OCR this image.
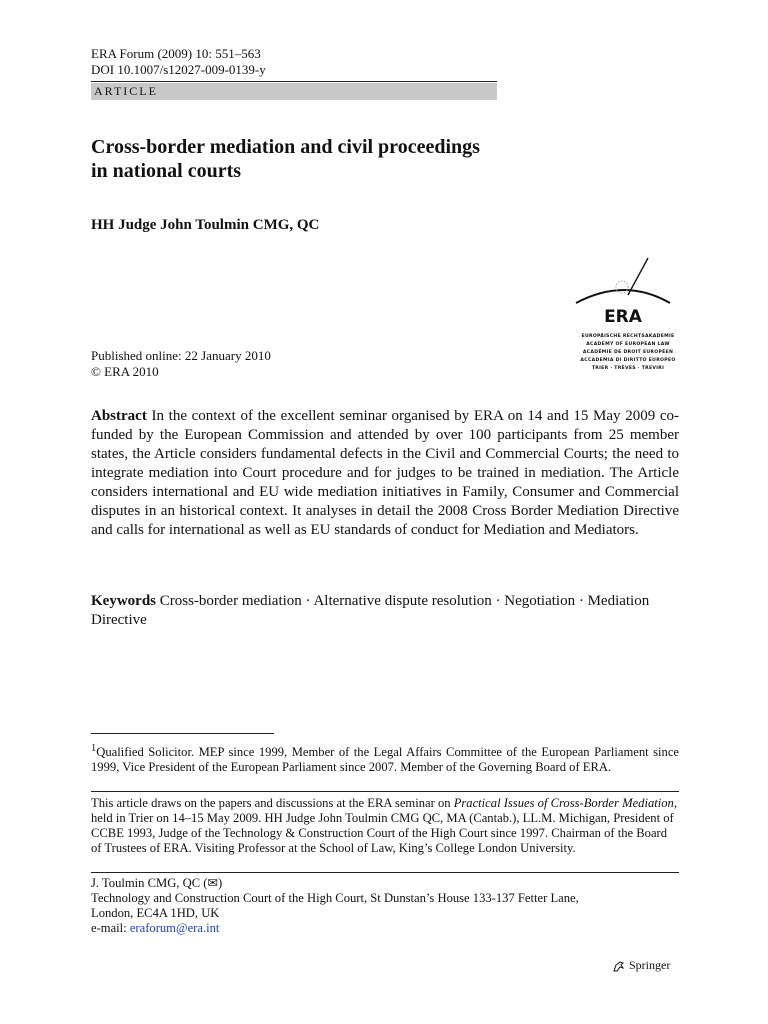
ERA Forum (2009) 10: 551–563
DOI 10.1007/s12027-009-0139-y
ARTICLE
Cross-border mediation and civil proceedings
in national courts
HH Judge John Toulmin CMG, QC
ERA
EUROPÄISCHE RECHTSAKADEMIE
ACADEMY OF EUROPEAN LAW
ACADÉMIE DE DROIT EUROPÉEN
ACCADEMIA DI DIRITTO EUROPEO
TRIER · TRÈVES · TREVIRI
Published online: 22 January 2010
© ERA 2010
Abstract In the context of the excellent seminar organised by ERA on 14 and 15 May 2009 co-funded by the European Commission and attended by over 100 participants from 25 member states, the Article considers fundamental defects in the Civil and Commercial Courts; the need to integrate mediation into Court procedure and for judges to be trained in mediation. The Article considers international and EU wide mediation initiatives in Family, Consumer and Commercial disputes in an historical context. It analyses in detail the 2008 Cross Border Mediation Directive and calls for international as well as EU standards of conduct for Mediation and Mediators.
Keywords Cross-border mediation · Alternative dispute resolution · Negotiation · Mediation Directive
$^1$Qualified Solicitor. MEP since 1999, Member of the Legal Affairs Committee of the European Parliament since 1999, Vice President of the European Parliament since 2007. Member of the Governing Board of ERA.
This article draws on the papers and discussions at the ERA seminar on Practical Issues of Cross-Border Mediation, held in Trier on 14–15 May 2009. HH Judge John Toulmin CMG QC, MA (Cantab.), LL.M. Michigan, President of CCBE 1993, Judge of the Technology & Construction Court of the High Court since 1997. Chairman of the Board of Trustees of ERA. Visiting Professor at the School of Law, King’s College London University.
J. Toulmin CMG, QC (✉)
Technology and Construction Court of the High Court, St Dunstan’s House 133-137 Fetter Lane,
London, EC4A 1HD, UK
e-mail: eraforum@era.int
Springer
